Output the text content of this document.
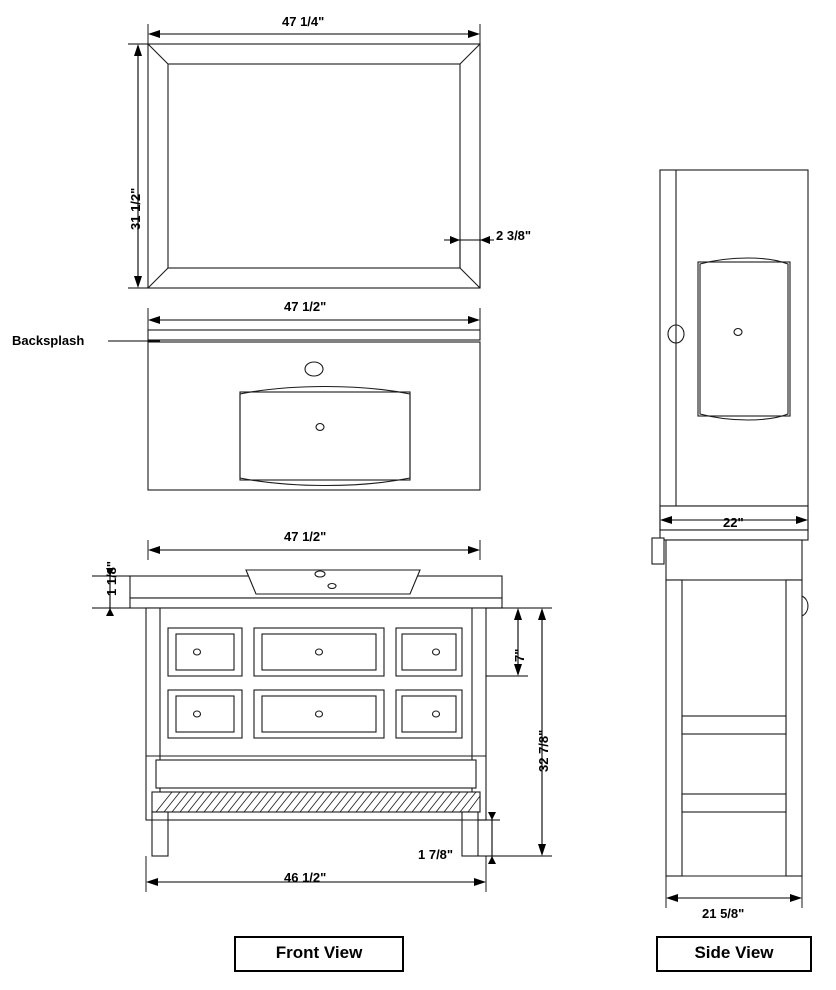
47 1/4"
31 1/2"
2 3/8"
47 1/2"
Backsplash
47 1/2"
1 1/8"
7"
32 7/8"
1 7/8"
46 1/2"
22"
21 5/8"
Front View	Side View
